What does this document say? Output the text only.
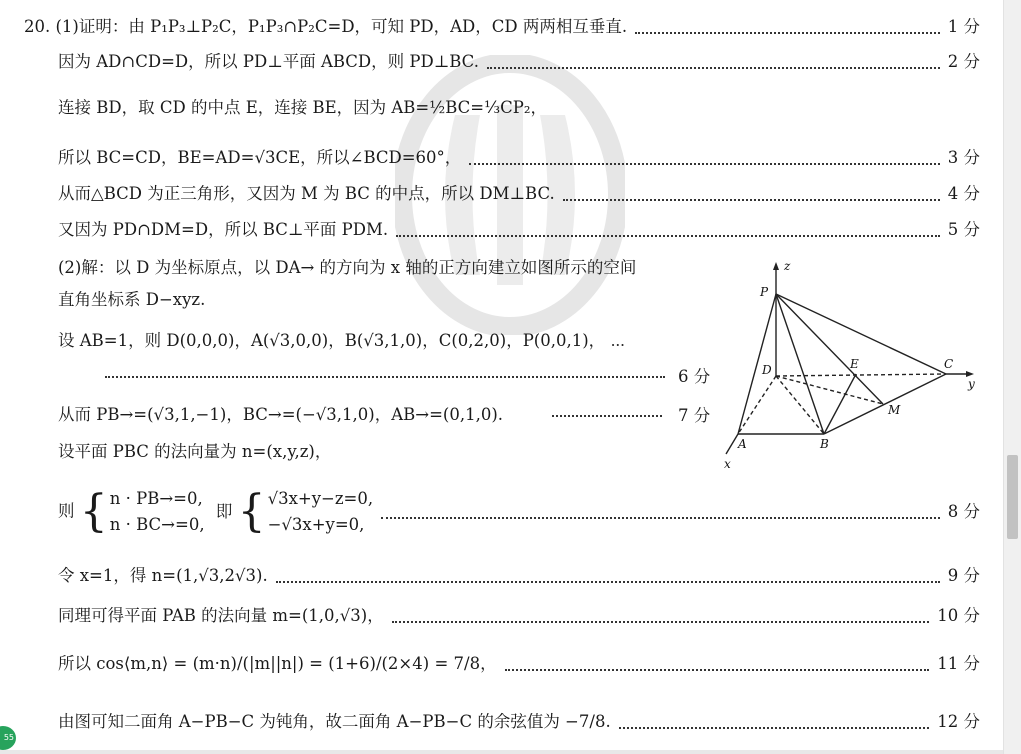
20. (1)证明：由 P₁P₃⊥P₂C，P₁P₃∩P₂C=D，可知 PD，AD，CD 两两相互垂直.	1 分
因为 AD∩CD=D，所以 PD⊥平面 ABCD，则 PD⊥BC.	2 分
连接 BD，取 CD 的中点 E，连接 BE，因为 AB=½BC=⅓CP₂，
所以 BC=CD，BE=AD=√3CE，所以∠BCD=60°，	3 分
从而△BCD 为正三角形，又因为 M 为 BC 的中点，所以 DM⊥BC.	4 分
又因为 PD∩DM=D，所以 BC⊥平面 PDM.	5 分
(2)解：以 D 为坐标原点，以 DA→ 的方向为 x 轴的正方向建立如图所示的空间
直角坐标系 D−xyz.
设 AB=1，则 D(0,0,0)，A(√3,0,0)，B(√3,1,0)，C(0,2,0)，P(0,0,1)， ⋯
6 分
从而 PB→=(√3,1,−1)，BC→=(−√3,1,0)，AB→=(0,1,0).	7 分
设平面 PBC 的法向量为 n=(x,y,z)，
则 { n · PB→=0,
n · BC→=0,
即 { √3x+y−z=0,
−√3x+y=0,
8 分
令 x=1，得 n=(1,√3,2√3).	9 分
同理可得平面 PAB 的法向量 m=(1,0,√3)，	10 分
所以 cos⟨m,n⟩ = (m·n)/(|m||n|) = (1+6)/(2×4) = 7/8，	11 分
由图可知二面角 A−PB−C 为钝角，故二面角 A−PB−C 的余弦值为 −7/8.	12 分
z
y
x
P
D	E	C
M
A	B
55
